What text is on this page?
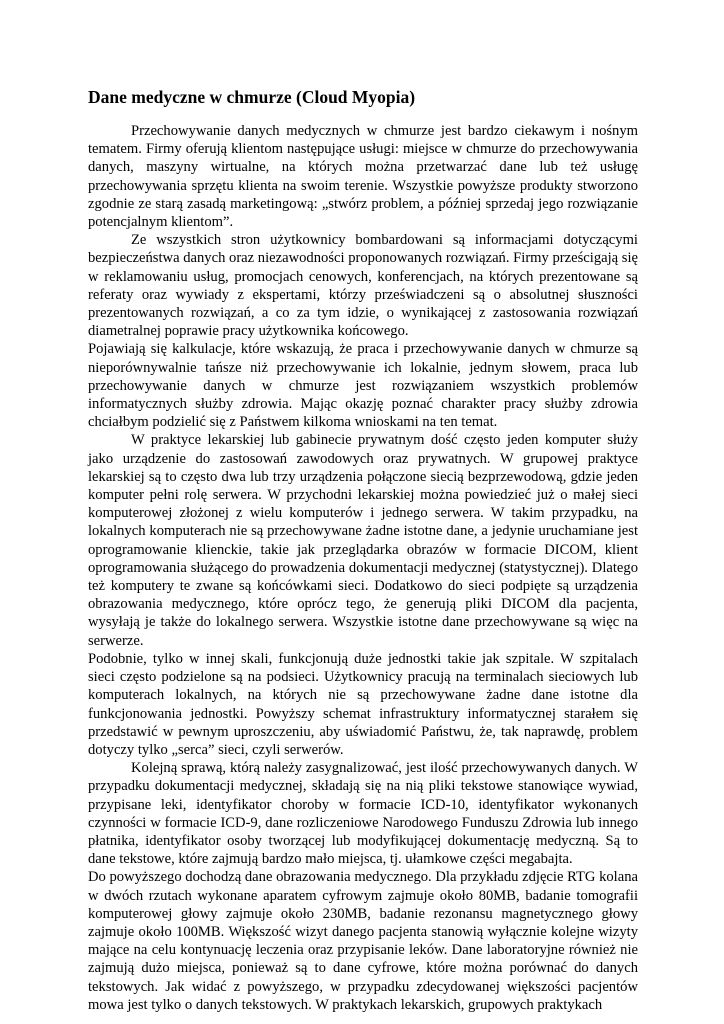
Dane medyczne w chmurze (Cloud Myopia)

Przechowywanie danych medycznych w chmurze jest bardzo ciekawym i nośnym tematem. Firmy oferują klientom następujące usługi: miejsce w chmurze do przechowywania danych, maszyny wirtualne, na których można przetwarzać dane lub też usługę przechowywania sprzętu klienta na swoim terenie. Wszystkie powyższe produkty stworzono zgodnie ze starą zasadą marketingową: „stwórz problem, a później sprzedaj jego rozwiązanie potencjalnym klientom”.

Ze wszystkich stron użytkownicy bombardowani są informacjami dotyczącymi bezpieczeństwa danych oraz niezawodności proponowanych rozwiązań. Firmy prześcigają się w reklamowaniu usług, promocjach cenowych, konferencjach, na których prezentowane są referaty oraz wywiady z ekspertami, którzy przeświadczeni są o absolutnej słuszności prezentowanych rozwiązań, a co za tym idzie, o wynikającej z zastosowania rozwiązań diametralnej poprawie pracy użytkownika końcowego.

Pojawiają się kalkulacje, które wskazują, że praca i przechowywanie danych w chmurze są nieporównywalnie tańsze niż przechowywanie ich lokalnie, jednym słowem, praca lub przechowywanie danych w chmurze jest rozwiązaniem wszystkich problemów informatycznych służby zdrowia. Mając okazję poznać charakter pracy służby zdrowia chciałbym podzielić się z Państwem kilkoma wnioskami na ten temat.

W praktyce lekarskiej lub gabinecie prywatnym dość często jeden komputer służy jako urządzenie do zastosowań zawodowych oraz prywatnych. W grupowej praktyce lekarskiej są to często dwa lub trzy urządzenia połączone siecią bezprzewodową, gdzie jeden komputer pełni rolę serwera. W przychodni lekarskiej można powiedzieć już o małej sieci komputerowej złożonej z wielu komputerów i jednego serwera. W takim przypadku, na lokalnych komputerach nie są przechowywane żadne istotne dane, a jedynie uruchamiane jest oprogramowanie klienckie, takie jak przeglądarka obrazów w formacie DICOM, klient oprogramowania służącego do prowadzenia dokumentacji medycznej (statystycznej). Dlatego też komputery te zwane są końcówkami sieci. Dodatkowo do sieci podpięte są urządzenia obrazowania medycznego, które oprócz tego, że generują pliki DICOM dla pacjenta, wysyłają je także do lokalnego serwera. Wszystkie istotne dane przechowywane są więc na serwerze.

Podobnie, tylko w innej skali, funkcjonują duże jednostki takie jak szpitale. W szpitalach sieci często podzielone są na podsieci. Użytkownicy pracują na terminalach sieciowych lub komputerach lokalnych, na których nie są przechowywane żadne dane istotne dla funkcjonowania jednostki. Powyższy schemat infrastruktury informatycznej starałem się przedstawić w pewnym uproszczeniu, aby uświadomić Państwu, że, tak naprawdę, problem dotyczy tylko „serca” sieci, czyli serwerów.

Kolejną sprawą, którą należy zasygnalizować, jest ilość przechowywanych danych. W przypadku dokumentacji medycznej, składają się na nią pliki tekstowe stanowiące wywiad, przypisane leki, identyfikator choroby w formacie ICD-10, identyfikator wykonanych czynności w formacie ICD-9, dane rozliczeniowe Narodowego Funduszu Zdrowia lub innego płatnika, identyfikator osoby tworzącej lub modyfikującej dokumentację medyczną. Są to dane tekstowe, które zajmują bardzo mało miejsca, tj. ułamkowe części megabajta.

Do powyższego dochodzą dane obrazowania medycznego. Dla przykładu zdjęcie RTG kolana w dwóch rzutach wykonane aparatem cyfrowym zajmuje około 80MB, badanie tomografii komputerowej głowy zajmuje około 230MB, badanie rezonansu magnetycznego głowy zajmuje około 100MB. Większość wizyt danego pacjenta stanowią wyłącznie kolejne wizyty mające na celu kontynuację leczenia oraz przypisanie leków. Dane laboratoryjne również nie zajmują dużo miejsca, ponieważ są to dane cyfrowe, które można porównać do danych tekstowych. Jak widać z powyższego, w przypadku zdecydowanej większości pacjentów mowa jest tylko o danych tekstowych. W praktykach lekarskich, grupowych praktykach
